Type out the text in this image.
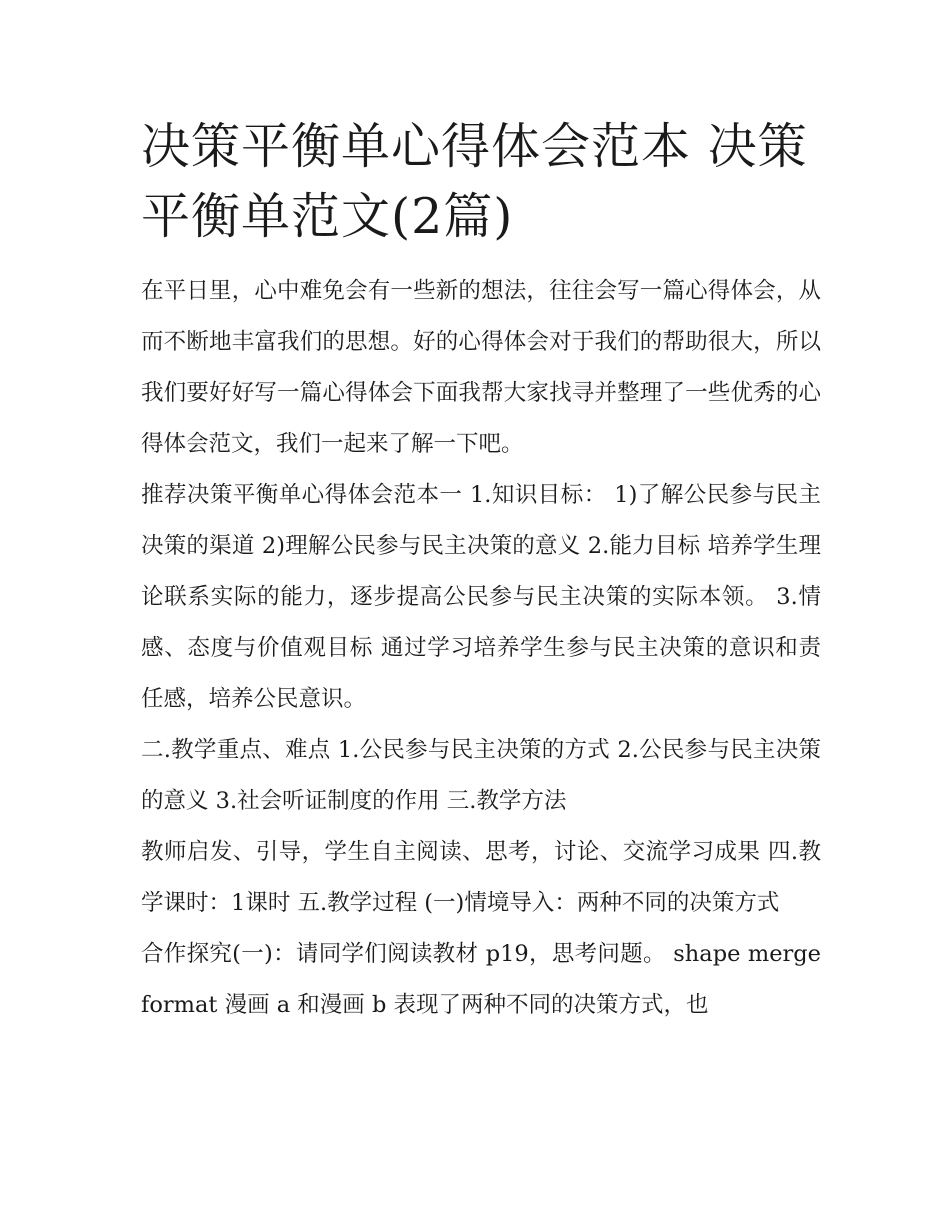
决策平衡单心得体会范本 决策平衡单范文(2篇)

在平日里，心中难免会有一些新的想法，往往会写一篇心得体会，从而不断地丰富我们的思想。好的心得体会对于我们的帮助很大，所以我们要好好写一篇心得体会下面我帮大家找寻并整理了一些优秀的心得体会范文，我们一起来了解一下吧。

推荐决策平衡单心得体会范本一 1.知识目标： 1)了解公民参与民主决策的渠道 2)理解公民参与民主决策的意义 2.能力目标 培养学生理论联系实际的能力，逐步提高公民参与民主决策的实际本领。 3.情感、态度与价值观目标 通过学习培养学生参与民主决策的意识和责任感，培养公民意识。

二.教学重点、难点 1.公民参与民主决策的方式 2.公民参与民主决策的意义 3.社会听证制度的作用 三.教学方法

教师启发、引导，学生自主阅读、思考，讨论、交流学习成果 四.教学课时：1课时 五.教学过程 (一)情境导入：两种不同的决策方式

合作探究(一)：请同学们阅读教材 p19，思考问题。 shape mergeformat 漫画 a 和漫画 b 表现了两种不同的决策方式，也
